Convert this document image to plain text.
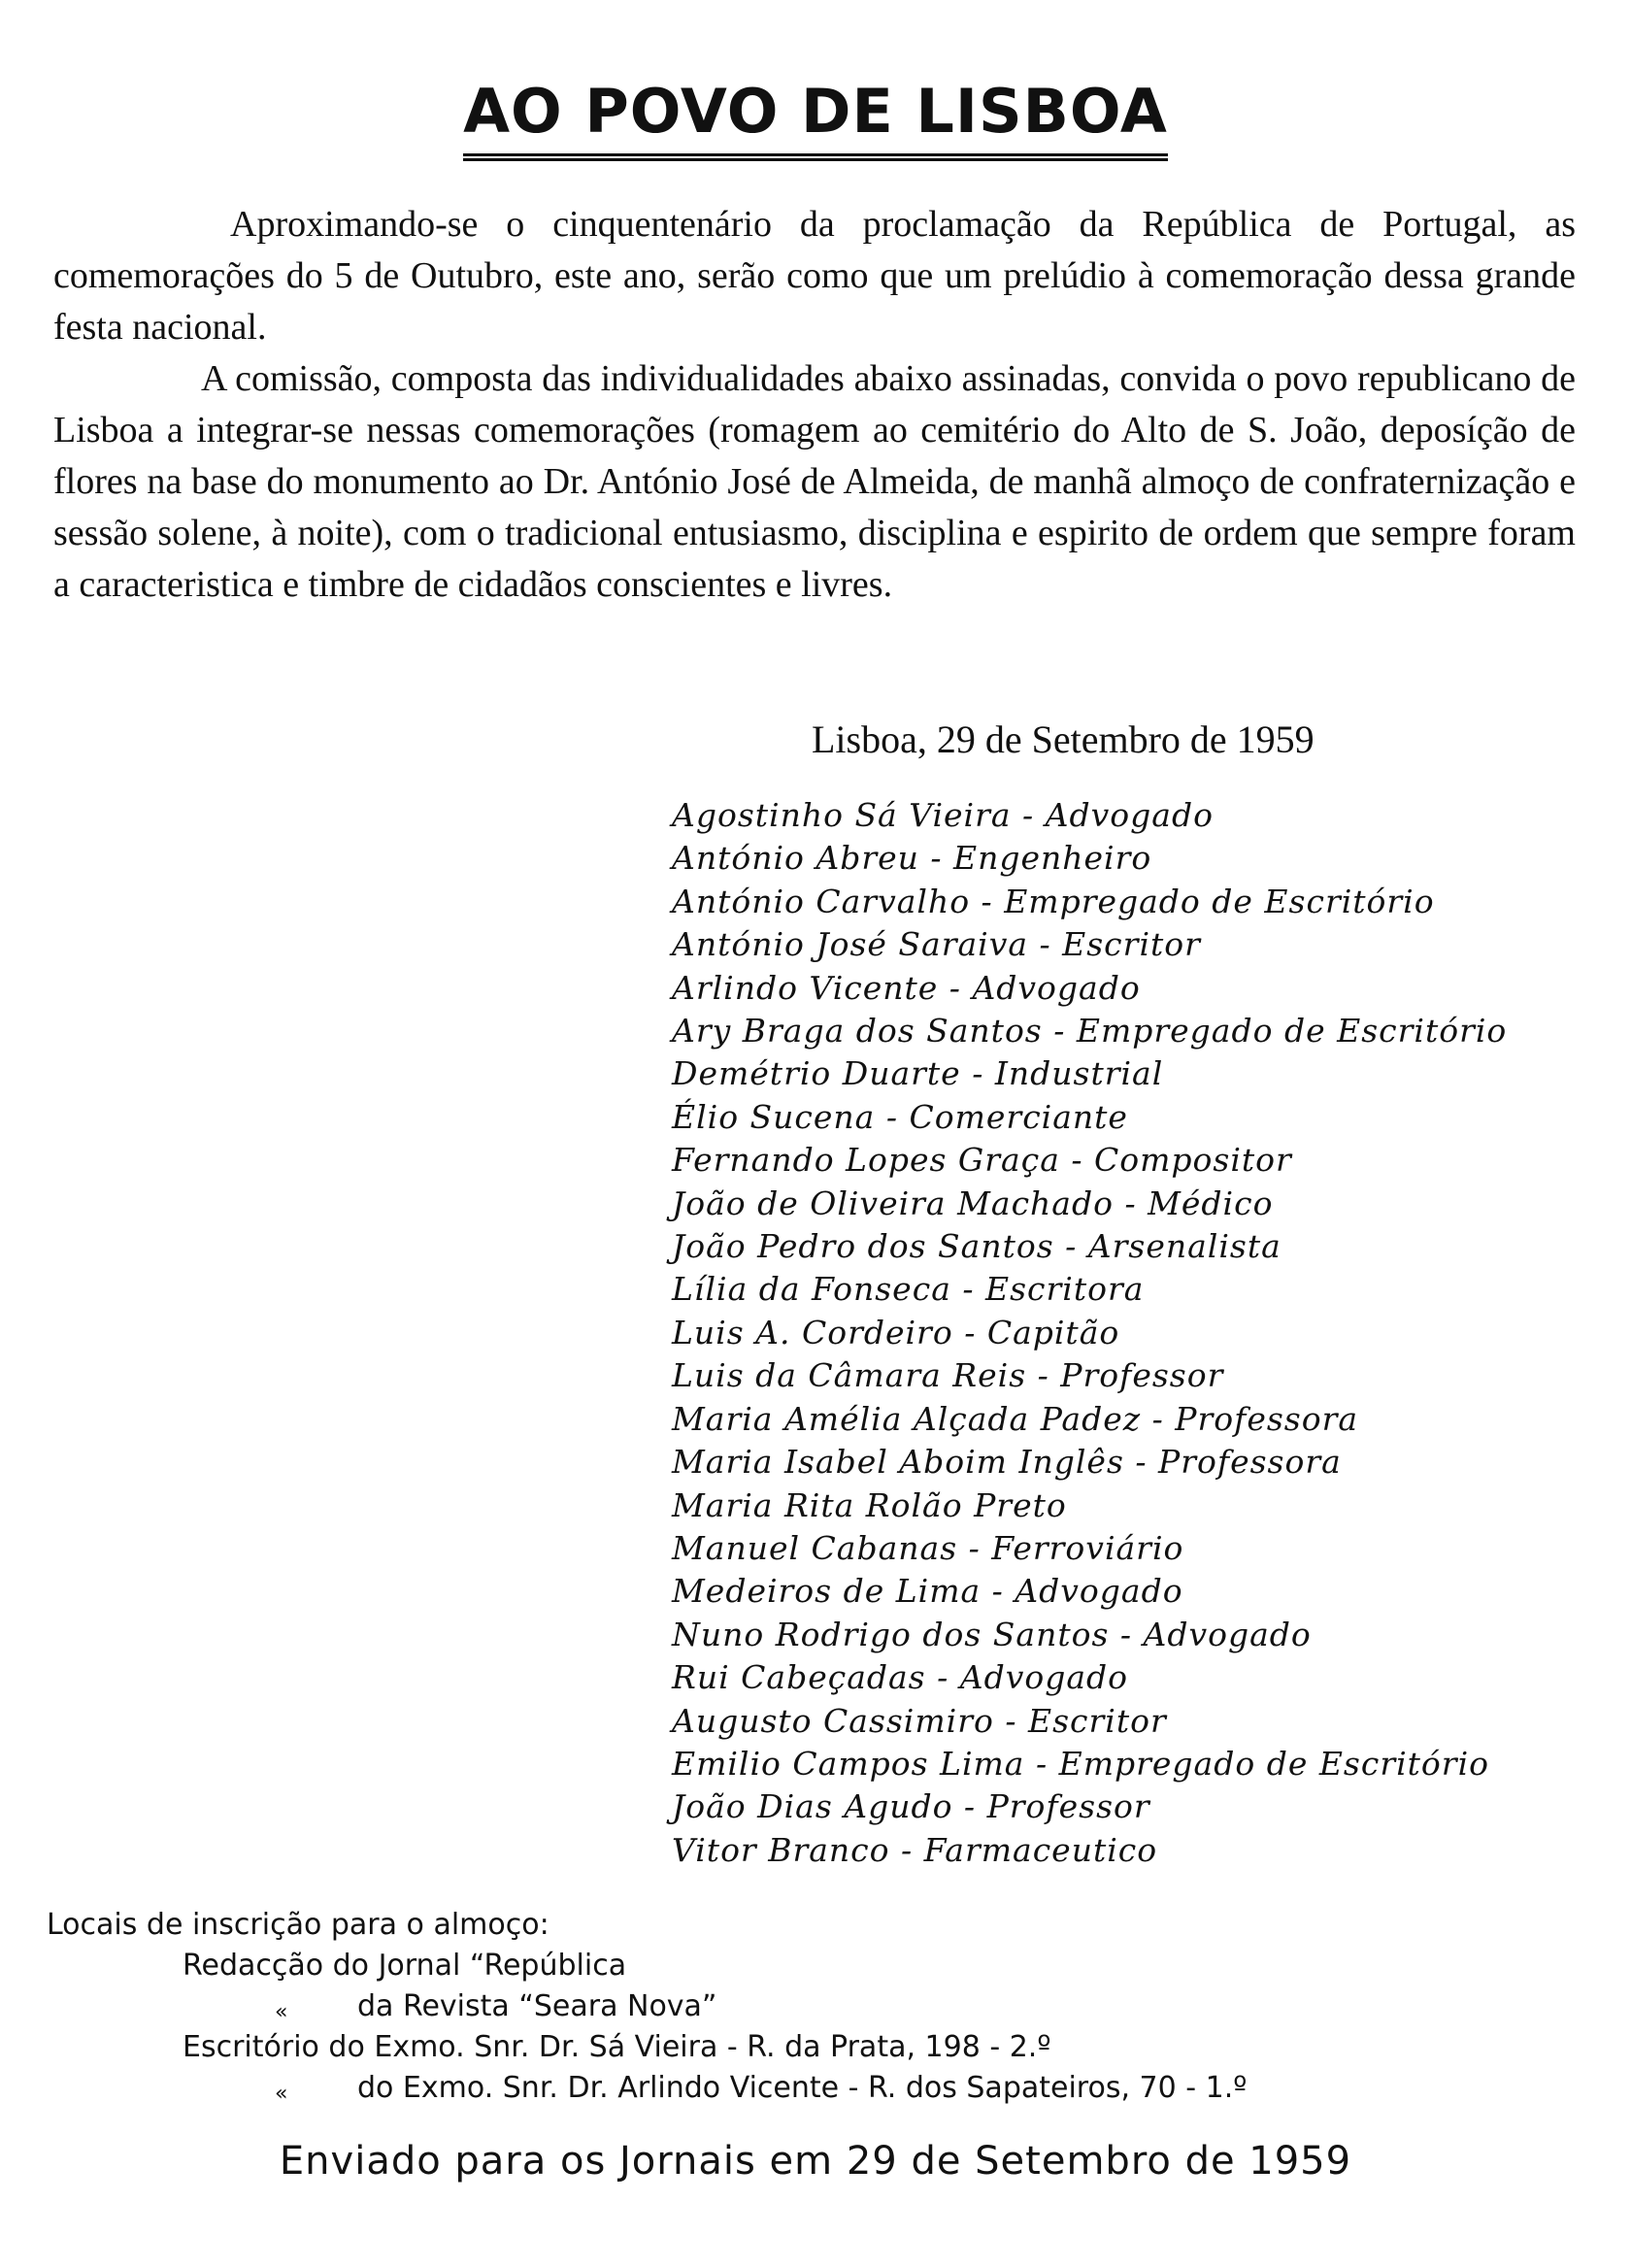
AO POVO DE LISBOA

Aproximando-se o cinquentenário da proclamação da República de Portugal, as comemorações do 5 de Outubro, este ano, serão como que um prelúdio à comemoração dessa grande festa nacional.

A comissão, composta das individualidades abaixo assinadas, convida o povo republicano de Lisboa a integrar-se nessas comemorações (romagem ao cemitério do Alto de S. João, deposíção de flores na base do monumento ao Dr. António José de Almeida, de manhã almoço de confraternização e sessão solene, à noite), com o tradicional entusiasmo, disciplina e espirito de ordem que sempre foram a caracteristica e timbre de cidadãos conscientes e livres.

Lisboa, 29 de Setembro de 1959
Agostinho Sá Vieira - Advogado
António Abreu - Engenheiro
António Carvalho - Empregado de Escritório
António José Saraiva - Escritor
Arlindo Vicente - Advogado
Ary Braga dos Santos - Empregado de Escritório
Demétrio Duarte - Industrial
Élio Sucena - Comerciante
Fernando Lopes Graça - Compositor
João de Oliveira Machado - Médico
João Pedro dos Santos - Arsenalista
Lília da Fonseca - Escritora
Luis A. Cordeiro - Capitão
Luis da Câmara Reis - Professor
Maria Amélia Alçada Padez - Professora
Maria Isabel Aboim Inglês - Professora
Maria Rita Rolão Preto
Manuel Cabanas - Ferroviário
Medeiros de Lima - Advogado
Nuno Rodrigo dos Santos - Advogado
Rui Cabeçadas - Advogado
Augusto Cassimiro - Escritor
Emilio Campos Lima - Empregado de Escritório
João Dias Agudo - Professor
Vitor Branco - Farmaceutico
Locais de inscrição para o almoço:
Redacção do Jornal “República
« da Revista “Seara Nova”
Escritório do Exmo. Snr. Dr. Sá Vieira - R. da Prata, 198 - 2.º
« do Exmo. Snr. Dr. Arlindo Vicente - R. dos Sapateiros, 70 - 1.º
Enviado para os Jornais em 29 de Setembro de 1959
